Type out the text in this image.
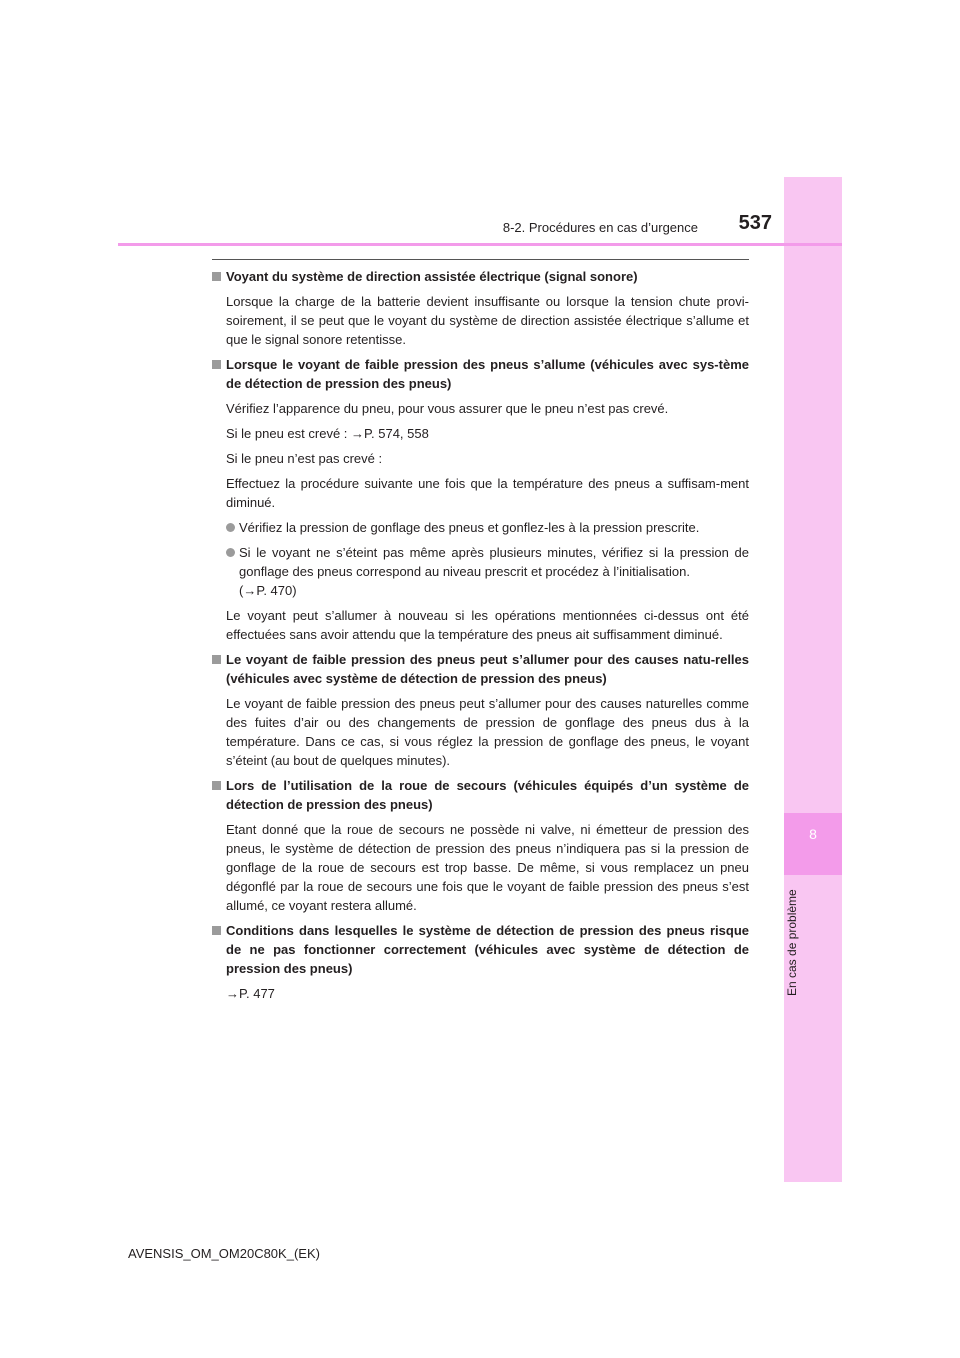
8
En cas de problème
8-2. Procédures en cas d’urgence	537
Voyant du système de direction assistée électrique (signal sonore)
Lorsque la charge de la batterie devient insuffisante ou lorsque la tension chute provi-soirement, il se peut que le voyant du système de direction assistée électrique s’allume et que le signal sonore retentisse.
Lorsque le voyant de faible pression des pneus s’allume (véhicules avec sys-tème de détection de pression des pneus)
Vérifiez l’apparence du pneu, pour vous assurer que le pneu n’est pas crevé.
Si le pneu est crevé : →P. 574, 558
Si le pneu n’est pas crevé :
Effectuez la procédure suivante une fois que la température des pneus a suffisam-ment diminué.
Vérifiez la pression de gonflage des pneus et gonflez-les à la pression prescrite.
Si le voyant ne s’éteint pas même après plusieurs minutes, vérifiez si la pression de gonflage des pneus correspond au niveau prescrit et procédez à l’initialisation.
(→P. 470)
Le voyant peut s’allumer à nouveau si les opérations mentionnées ci-dessus ont été effectuées sans avoir attendu que la température des pneus ait suffisamment diminué.
Le voyant de faible pression des pneus peut s’allumer pour des causes natu-relles (véhicules avec système de détection de pression des pneus)
Le voyant de faible pression des pneus peut s’allumer pour des causes naturelles comme des fuites d’air ou des changements de pression de gonflage des pneus dus à la température. Dans ce cas, si vous réglez la pression de gonflage des pneus, le voyant s’éteint (au bout de quelques minutes).
Lors de l’utilisation de la roue de secours (véhicules équipés d’un système de détection de pression des pneus)
Etant donné que la roue de secours ne possède ni valve, ni émetteur de pression des pneus, le système de détection de pression des pneus n’indiquera pas si la pression de gonflage de la roue de secours est trop basse. De même, si vous remplacez un pneu dégonflé par la roue de secours une fois que le voyant de faible pression des pneus s’est allumé, ce voyant restera allumé.
Conditions dans lesquelles le système de détection de pression des pneus risque de ne pas fonctionner correctement (véhicules avec système de détection de pression des pneus)
→P. 477
AVENSIS_OM_OM20C80K_(EK)
